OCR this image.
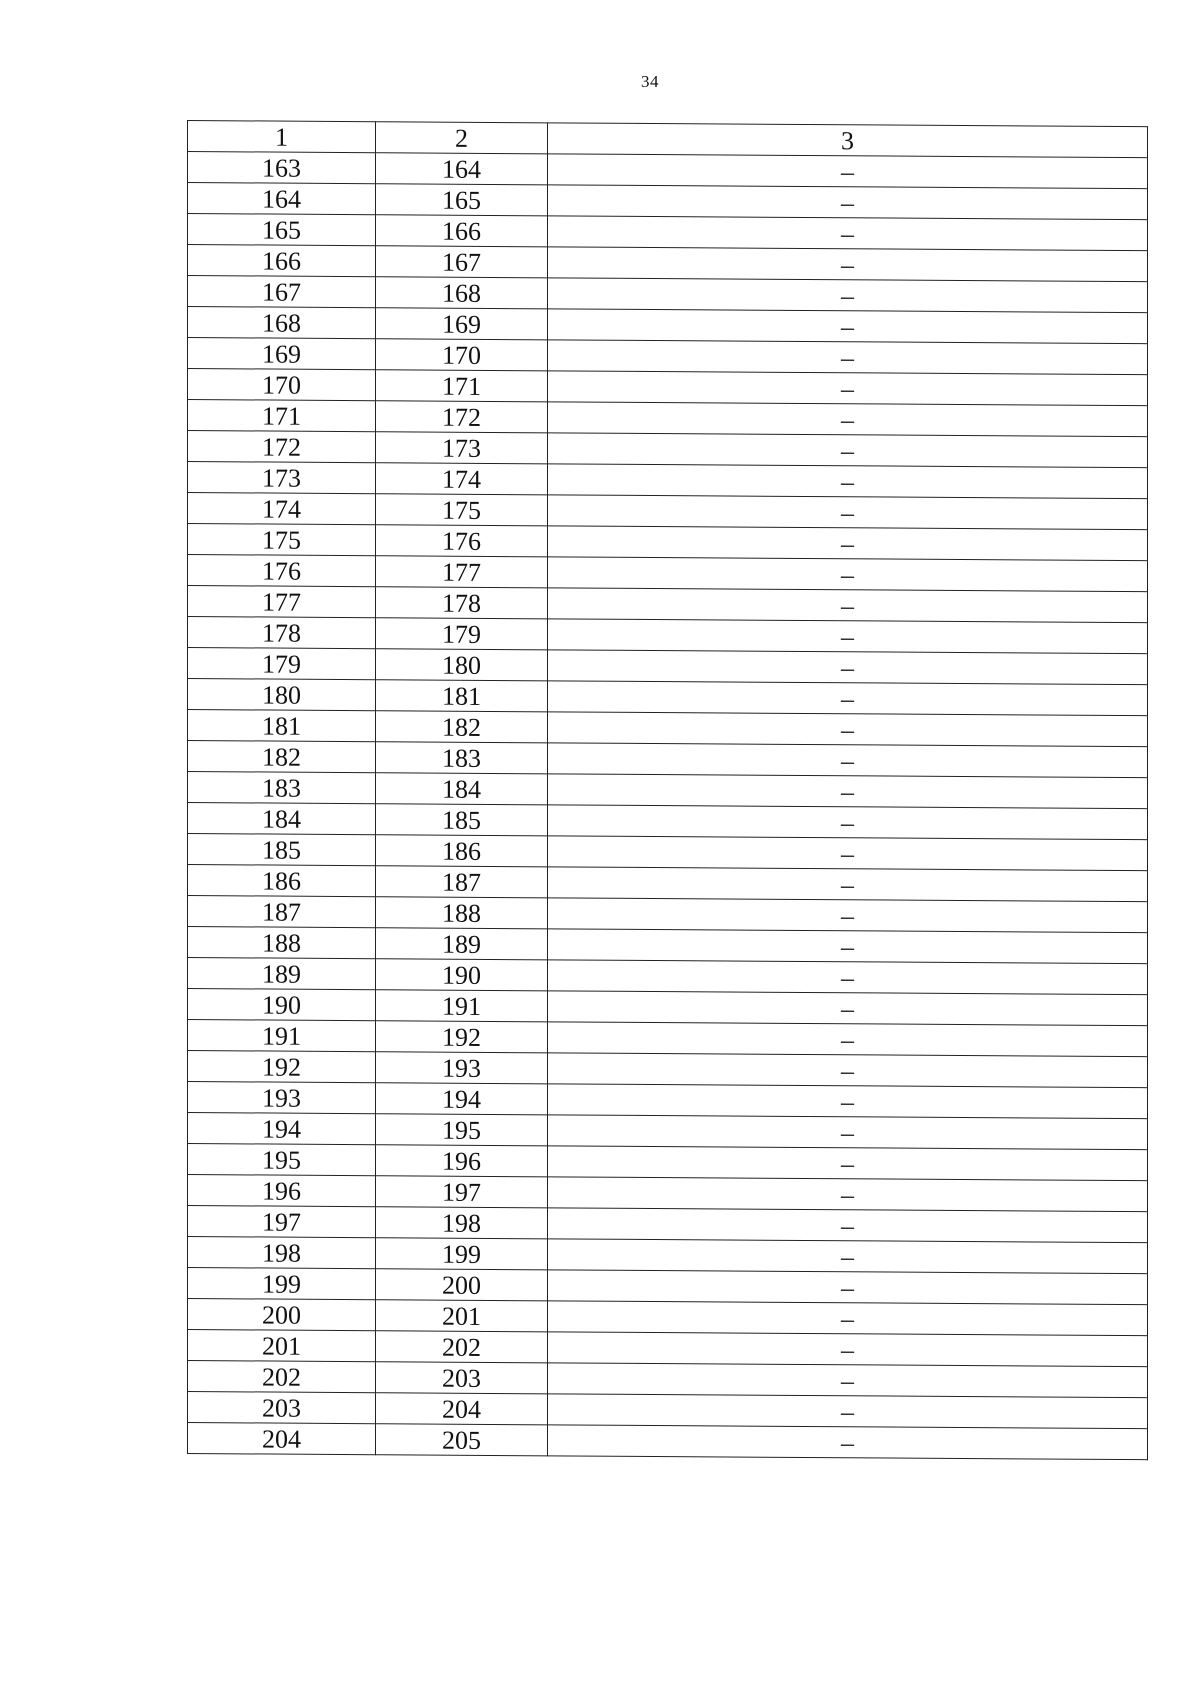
34
1	2	3
163	164	–
164	165	–
165	166	–
166	167	–
167	168	–
168	169	–
169	170	–
170	171	–
171	172	–
172	173	–
173	174	–
174	175	–
175	176	–
176	177	–
177	178	–
178	179	–
179	180	–
180	181	–
181	182	–
182	183	–
183	184	–
184	185	–
185	186	–
186	187	–
187	188	–
188	189	–
189	190	–
190	191	–
191	192	–
192	193	–
193	194	–
194	195	–
195	196	–
196	197	–
197	198	–
198	199	–
199	200	–
200	201	–
201	202	–
202	203	–
203	204	–
204	205	–
